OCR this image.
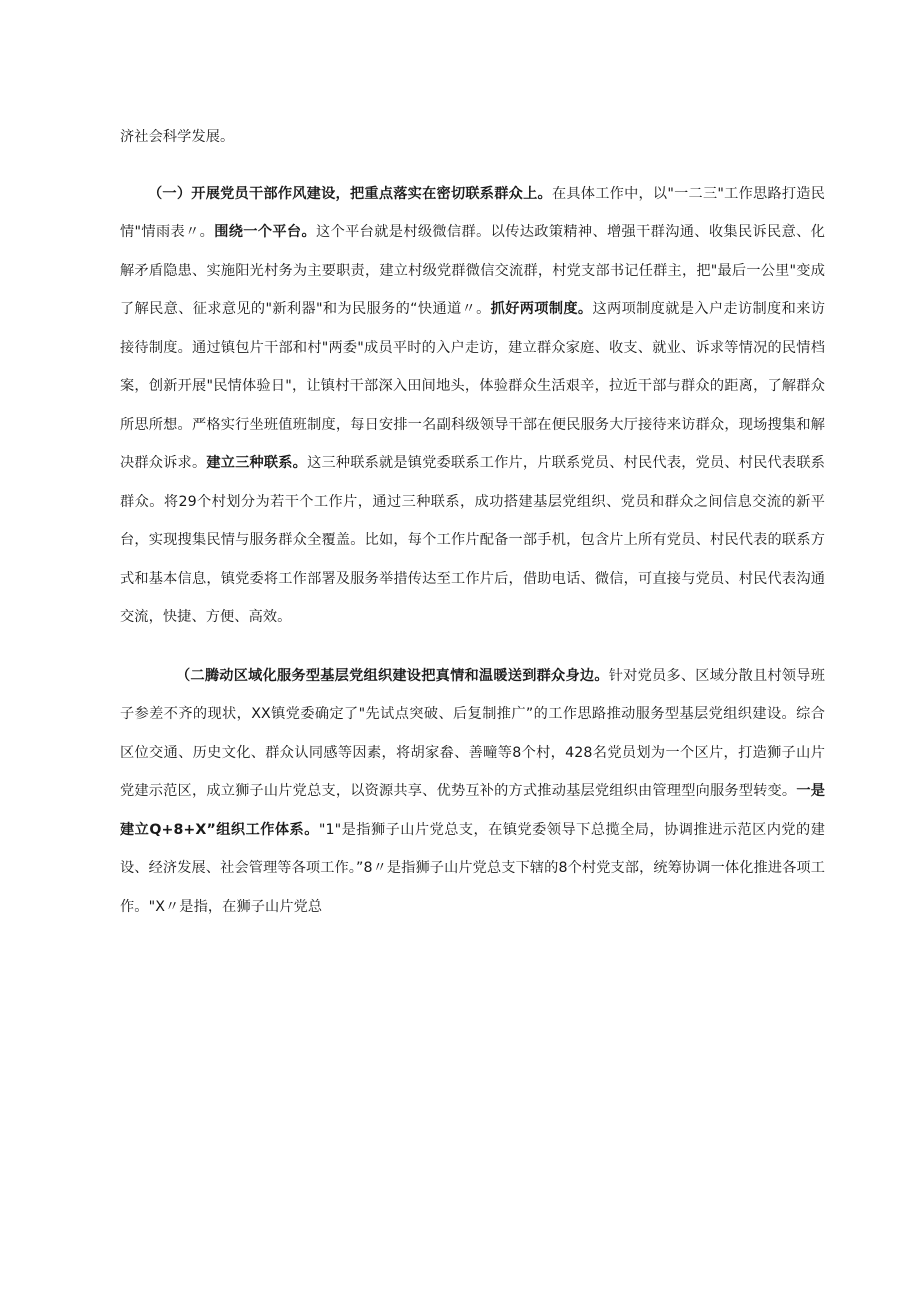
济社会科学发展。

（一）开展党员干部作风建设，把重点落实在密切联系群众上。在具体工作中，以"一二三"工作思路打造民情"情雨表〃。围绕一个平台。这个平台就是村级微信群。以传达政策精神、增强干群沟通、收集民诉民意、化解矛盾隐患、实施阳光村务为主要职责，建立村级党群微信交流群，村党支部书记任群主，把"最后一公里"变成了解民意、征求意见的"新利器"和为民服务的“快通道〃。抓好两项制度。这两项制度就是入户走访制度和来访接待制度。通过镇包片干部和村"两委"成员平时的入户走访，建立群众家庭、收支、就业、诉求等情况的民情档案，创新开展"民情体验日"，让镇村干部深入田间地头，体验群众生活艰辛，拉近干部与群众的距离，了解群众所思所想。严格实行坐班值班制度，每日安排一名副科级领导干部在便民服务大厅接待来访群众，现场搜集和解决群众诉求。建立三种联系。这三种联系就是镇党委联系工作片，片联系党员、村民代表，党员、村民代表联系群众。将29个村划分为若干个工作片，通过三种联系，成功搭建基层党组织、党员和群众之间信息交流的新平台，实现搜集民情与服务群众全覆盖。比如，每个工作片配备一部手机，包含片上所有党员、村民代表的联系方式和基本信息，镇党委将工作部署及服务举措传达至工作片后，借助电话、微信，可直接与党员、村民代表沟通交流，快捷、方便、高效。

（二腾动区域化服务型基层党组织建设把真情和温暖送到群众身边。针对党员多、区域分散且村领导班子参差不齐的现状，XX镇党委确定了"先试点突破、后复制推广”的工作思路推动服务型基层党组织建设。综合区位交通、历史文化、群众认同感等因素，将胡家畚、善疃等8个村，428名党员划为一个区片，打造狮子山片党建示范区，成立狮子山片党总支，以资源共享、优势互补的方式推动基层党组织由管理型向服务型转变。一是建立Q+8+X”组织工作体系。"1"是指狮子山片党总支，在镇党委领导下总揽全局，协调推进示范区内党的建设、经济发展、社会管理等各项工作。”8〃是指狮子山片党总支下辖的8个村党支部，统筹协调一体化推进各项工作。"X〃是指，在狮子山片党总
